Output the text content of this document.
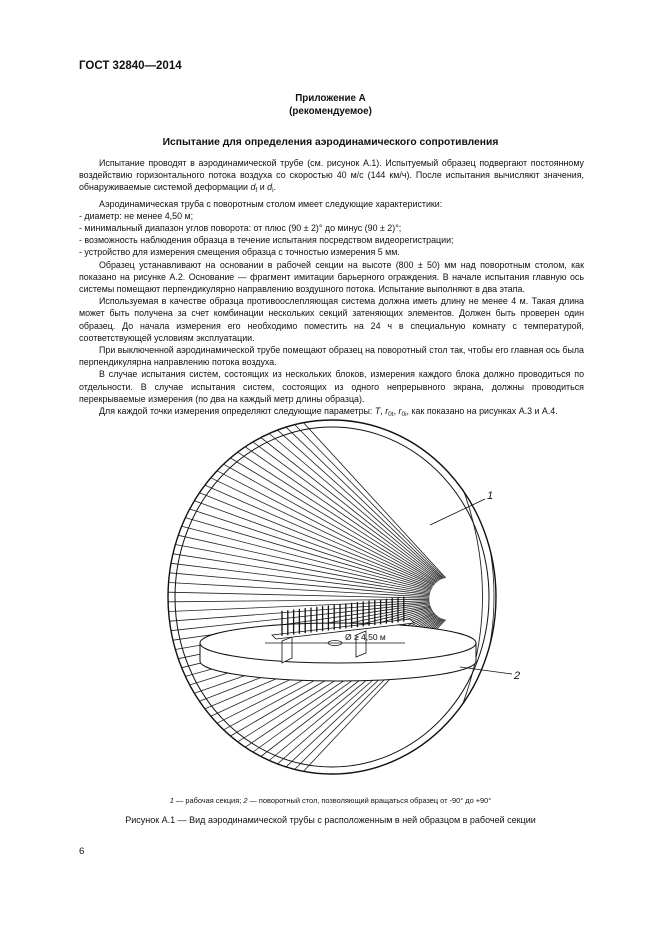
ГОСТ 32840—2014
Приложение А
(рекомендуемое)
Испытание для определения аэродинамического сопротивления

Испытание проводят в аэродинамической трубе (см. рисунок А.1). Испытуемый образец подвергают постоянному воздействию горизонтального потока воздуха со скоростью 40 м/с (144 км/ч). После испытания вычисляют значения, обнаруживаемые системой деформации $d_f$ и $d_i$.

Аэродинамическая труба с поворотным столом имеет следующие характеристики:

- диаметр: не менее 4,50 м;

- минимальный диапазон углов поворота: от плюс (90 ± 2)° до минус (90 ± 2)°;

- возможность наблюдения образца в течение испытания посредством видеорегистрации;

- устройство для измерения смещения образца с точностью измерения 5 мм.

Образец устанавливают на основании в рабочей секции на высоте (800 ± 50) мм над поворотным столом, как показано на рисунке А.2. Основание — фрагмент имитации барьерного ограждения. В начале испытания главную ось системы помещают перпендикулярно направлению воздушного потока. Испытание выполняют в два этапа.

Используемая в качестве образца противоослепляющая система должна иметь длину не менее 4 м. Такая длина может быть получена за счет комбинации нескольких секций затеняющих элементов. Должен быть проверен один образец. До начала измерения его необходимо поместить на 24 ч в специальную комнату с температурой, соответствующей условиям эксплуатации.

При выключенной аэродинамической трубе помещают образец на поворотный стол так, чтобы его главная ось была перпендикулярна направлению потока воздуха.

В случае испытания систем, состоящих из нескольких блоков, измерения каждого блока должно проводиться по отдельности. В случае испытания систем, состоящих из одного непрерывного экрана, должны проводиться перекрываемые измерения (по два на каждый метр длины образца).

Для каждой точки измерения определяют следующие параметры: T, $r_{0t}$, $r_{0i}$, как показано на рисунках А.3 и А.4.

Ø ≥ 4,50 м
1
2
1 — рабочая секция; 2 — поворотный стол, позволяющий вращаться образец от -90° до +90°
Рисунок А.1 — Вид аэродинамической трубы с расположенным в ней образцом в рабочей секции
6
